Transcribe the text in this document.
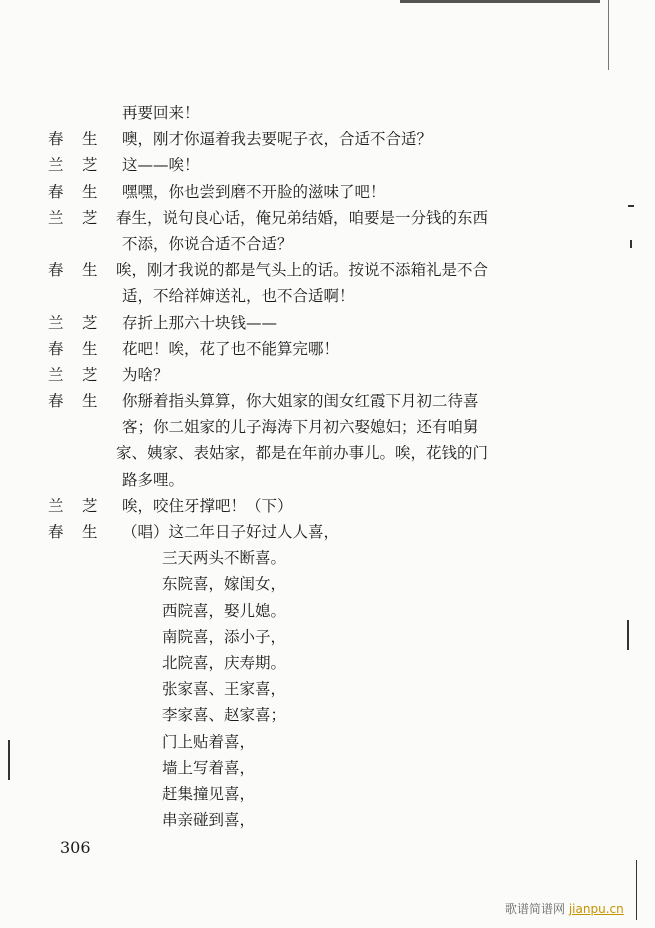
再要回来！
春	生	噢，刚才你逼着我去要呢子衣，合适不合适？
兰	芝	这——唉！
春	生	嘿嘿，你也尝到磨不开脸的滋味了吧！
兰	芝	春生，说句良心话，俺兄弟结婚，咱要是一分钱的东西
不添，你说合适不合适？
春	生	唉，刚才我说的都是气头上的话。按说不添箱礼是不合
适，不给祥婶送礼，也不合适啊！
兰	芝	存折上那六十块钱——
春	生	花吧！唉，花了也不能算完哪！
兰	芝	为啥？
春	生	你掰着指头算算，你大姐家的闺女红霞下月初二待喜
客；你二姐家的儿子海涛下月初六娶媳妇；还有咱舅
家、姨家、表姑家，都是在年前办事儿。唉，花钱的门
路多哩。
兰	芝	唉，咬住牙撑吧！（下）
春	生	（唱）这二年日子好过人人喜，
三天两头不断喜。
东院喜，嫁闺女，
西院喜，娶儿媳。
南院喜，添小子，
北院喜，庆寿期。
张家喜、王家喜，
李家喜、赵家喜；
门上贴着喜，
墙上写着喜，
赶集撞见喜，
串亲碰到喜，
306
歌谱简谱网 jianpu.cn
